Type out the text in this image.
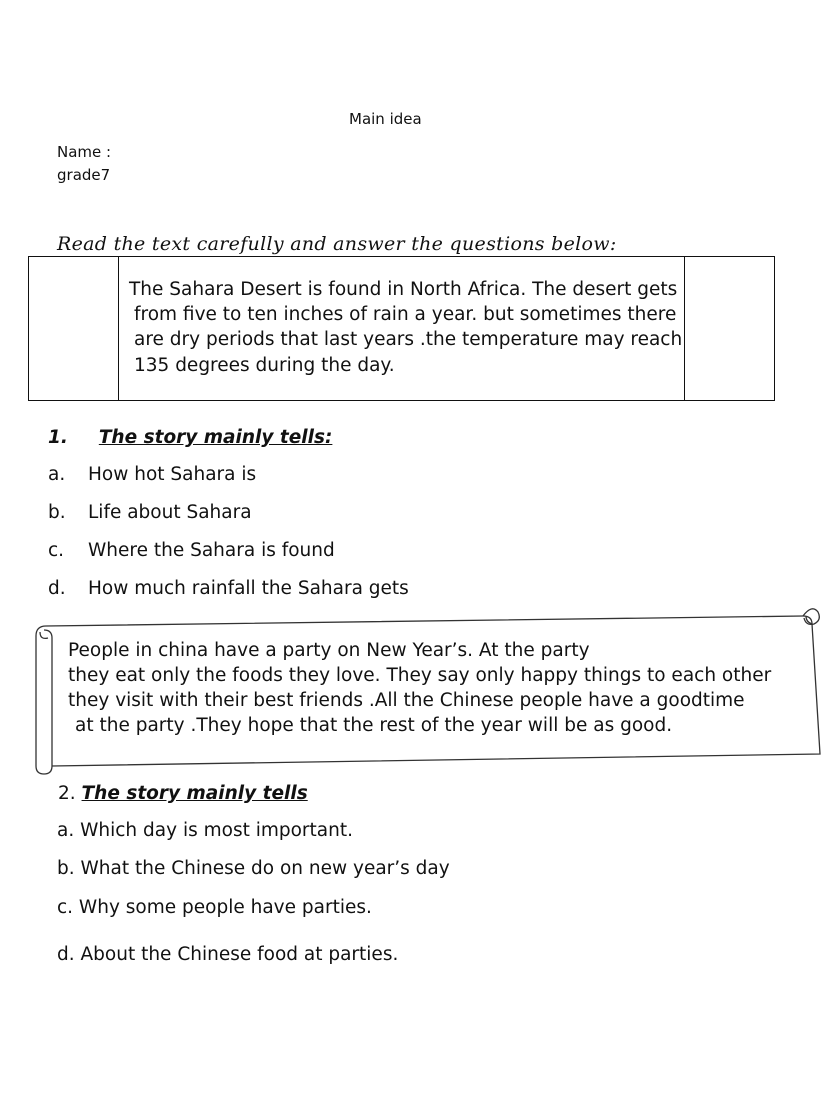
Main idea
Name :
grade7
Read the text carefully and answer the questions below:
The Sahara Desert is found in North Africa. The desert gets
from five to ten inches of rain a year. but sometimes there
are dry periods that last years .the temperature may reach
135 degrees during the day.
1. The story mainly tells:
a. How hot Sahara is
b. Life about Sahara
c. Where the Sahara is found
d. How much rainfall the Sahara gets
People in china have a party on New Year’s. At the party
they eat only the foods they love. They say only happy things to each other
they visit with their best friends .All the Chinese people have a goodtime
at the party .They hope that the rest of the year will be as good.
2. The story mainly tells
a. Which day is most important.
b. What the Chinese do on new year’s day
c. Why some people have parties.
d. About the Chinese food at parties.
